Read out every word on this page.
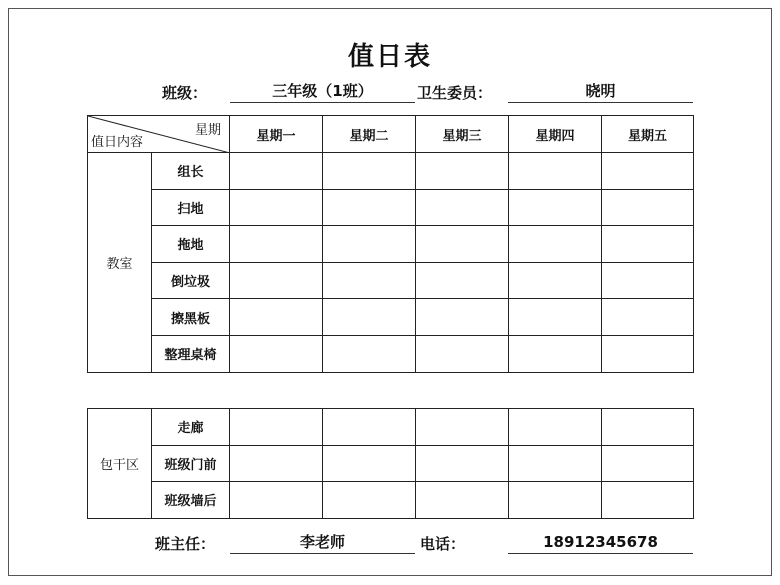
值日表
班级：	三年级（1班）	卫生委员：	晓明
星期
值日内容		星期一	星期二	星期三	星期四	星期五
教室	组长					
	扫地					
	拖地					
	倒垃圾					
	擦黑板					
	整理桌椅					
包干区	走廊					
	班级门前					
	班级墙后					
班主任：	李老师	电话：	18912345678
